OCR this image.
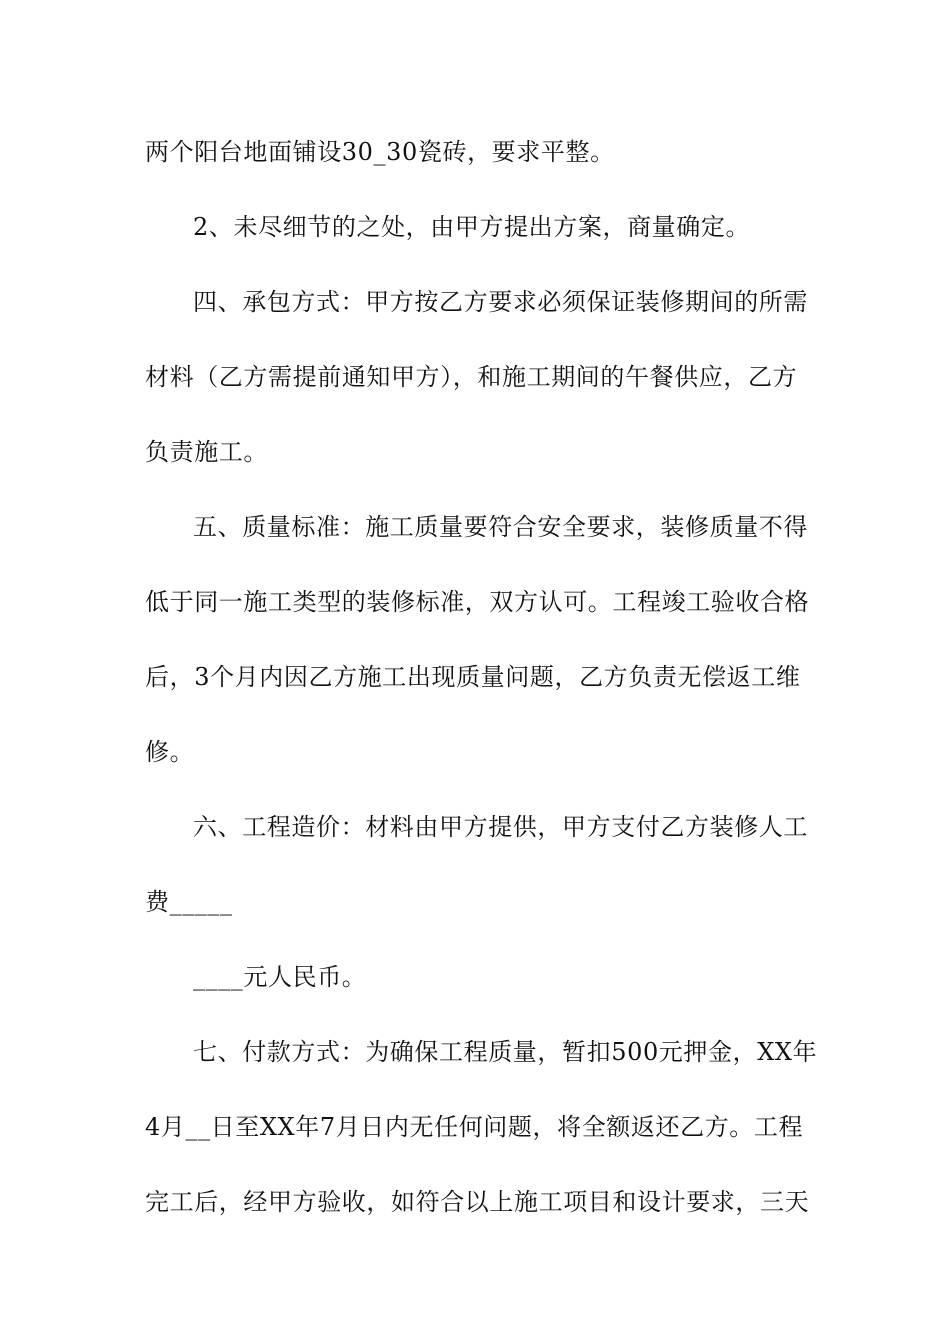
两个阳台地面铺设30_30瓷砖，要求平整。
2、未尽细节的之处，由甲方提出方案，商量确定。
四、承包方式：甲方按乙方要求必须保证装修期间的所需
材料（乙方需提前通知甲方），和施工期间的午餐供应，乙方
负责施工。
五、质量标准：施工质量要符合安全要求，装修质量不得
低于同一施工类型的装修标准，双方认可。工程竣工验收合格
后，3个月内因乙方施工出现质量问题，乙方负责无偿返工维
修。
六、工程造价：材料由甲方提供，甲方支付乙方装修人工
费_____
____元人民币。
七、付款方式：为确保工程质量，暂扣500元押金，XX年
4月__日至XX年7月日内无任何问题，将全额返还乙方。工程
完工后，经甲方验收，如符合以上施工项目和设计要求，三天
